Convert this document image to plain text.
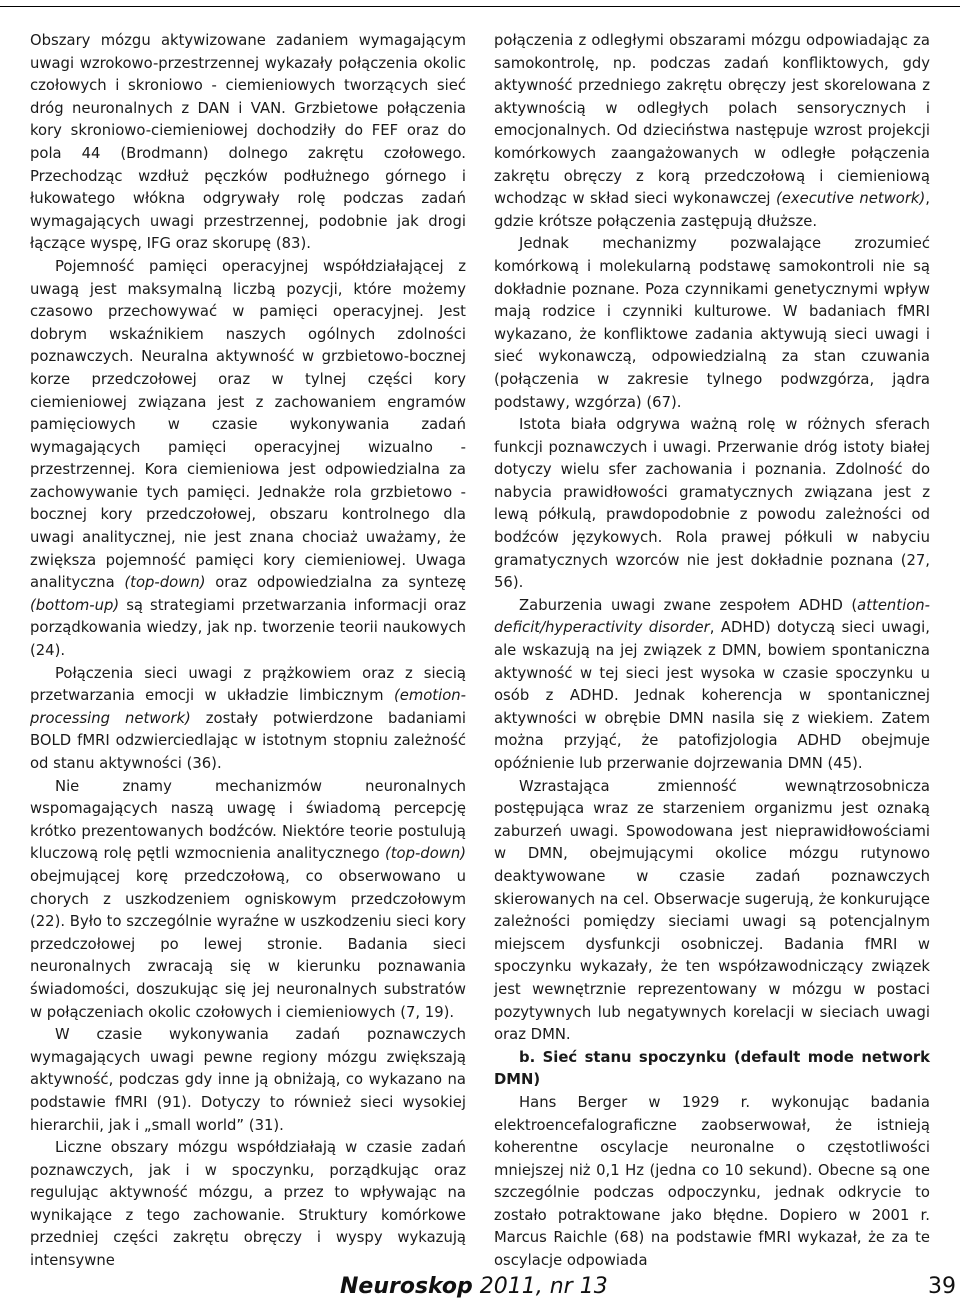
Obszary mózgu aktywizowane zadaniem wymagającym uwagi wzrokowo-przestrzennej wykazały połączenia okolic czołowych i skroniowo - ciemieniowych tworzących sieć dróg neuronalnych z DAN i VAN. Grzbietowe połączenia kory skroniowo-ciemieniowej dochodziły do FEF oraz do pola 44 (Brodmann) dolnego zakrętu czołowego. Przechodząc wzdłuż pęczków podłużnego górnego i łukowatego włókna odgrywały rolę podczas zadań wymagających uwagi przestrzennej, podobnie jak drogi łączące wyspę, IFG oraz skorupę (83).

Pojemność pamięci operacyjnej współdziałającej z uwagą jest maksymalną liczbą pozycji, które możemy czasowo przechowywać w pamięci operacyjnej. Jest dobrym wskaźnikiem naszych ogólnych zdolności poznawczych. Neuralna aktywność w grzbietowo-bocznej korze przedczołowej oraz w tylnej części kory ciemieniowej związana jest z zachowaniem engramów pamięciowych w czasie wykonywania zadań wymagających pamięci operacyjnej wizualno - przestrzennej. Kora ciemieniowa jest odpowiedzialna za zachowywanie tych pamięci. Jednakże rola grzbietowo - bocznej kory przedczołowej, obszaru kontrolnego dla uwagi analitycznej, nie jest znana chociaż uważamy, że zwiększa pojemność pamięci kory ciemieniowej. Uwaga analityczna (top-down) oraz odpowiedzialna za syntezę (bottom-up) są strategiami przetwarzania informacji oraz porządkowania wiedzy, jak np. tworzenie teorii naukowych (24).

Połączenia sieci uwagi z prążkowiem oraz z siecią przetwarzania emocji w układzie limbicznym (emotion-processing network) zostały potwierdzone badaniami BOLD fMRI odzwierciedlając w istotnym stopniu zależność od stanu aktywności (36).

Nie znamy mechanizmów neuronalnych wspomagających naszą uwagę i świadomą percepcję krótko prezentowanych bodźców. Niektóre teorie postulują kluczową rolę pętli wzmocnienia analitycznego (top-down) obejmującej korę przedczołową, co obserwowano u chorych z uszkodzeniem ogniskowym przedczołowym (22). Było to szczególnie wyraźne w uszkodzeniu sieci kory przedczołowej po lewej stronie. Badania sieci neuronalnych zwracają się w kierunku poznawania świadomości, doszukując się jej neuronalnych substratów w połączeniach okolic czołowych i ciemieniowych (7, 19).

W czasie wykonywania zadań poznawczych wymagających uwagi pewne regiony mózgu zwiększają aktywność, podczas gdy inne ją obniżają, co wykazano na podstawie fMRI (91). Dotyczy to również sieci wysokiej hierarchii, jak i „small world” (31).

Liczne obszary mózgu współdziałają w czasie zadań poznawczych, jak i w spoczynku, porządkując oraz regulując aktywność mózgu, a przez to wpływając na wynikające z tego zachowanie. Struktury komórkowe przedniej części zakrętu obręczy i wyspy wykazują intensywne

połączenia z odległymi obszarami mózgu odpowiadając za samokontrolę, np. podczas zadań konfliktowych, gdy aktywność przedniego zakrętu obręczy jest skorelowana z aktywnością w odległych polach sensorycznych i emocjonalnych. Od dzieciństwa następuje wzrost projekcji komórkowych zaangażowanych w odległe połączenia zakrętu obręczy z korą przedczołową i ciemieniową wchodząc w skład sieci wykonawczej (executive network), gdzie krótsze połączenia zastępują dłuższe.

Jednak mechanizmy pozwalające zrozumieć komórkową i molekularną podstawę samokontroli nie są dokładnie poznane. Poza czynnikami genetycznymi wpływ mają rodzice i czynniki kulturowe. W badaniach fMRI wykazano, że konfliktowe zadania aktywują sieci uwagi i sieć wykonawczą, odpowiedzialną za stan czuwania (połączenia w zakresie tylnego podwzgórza, jądra podstawy, wzgórza) (67).

Istota biała odgrywa ważną rolę w różnych sferach funkcji poznawczych i uwagi. Przerwanie dróg istoty białej dotyczy wielu sfer zachowania i poznania. Zdolność do nabycia prawidłowości gramatycznych związana jest z lewą półkulą, prawdopodobnie z powodu zależności od bodźców językowych. Rola prawej półkuli w nabyciu gramatycznych wzorców nie jest dokładnie poznana (27, 56).

Zaburzenia uwagi zwane zespołem ADHD (attention-deficit/hyperactivity disorder, ADHD) dotyczą sieci uwagi, ale wskazują na jej związek z DMN, bowiem spontaniczna aktywność w tej sieci jest wysoka w czasie spoczynku u osób z ADHD. Jednak koherencja w spontanicznej aktywności w obrębie DMN nasila się z wiekiem. Zatem można przyjąć, że patofizjologia ADHD obejmuje opóźnienie lub przerwanie dojrzewania DMN (45).

Wzrastająca zmienność wewnątrzosobnicza postępująca wraz ze starzeniem organizmu jest oznaką zaburzeń uwagi. Spowodowana jest nieprawidłowościami w DMN, obejmującymi okolice mózgu rutynowo deaktywowane w czasie zadań poznawczych skierowanych na cel. Obserwacje sugerują, że konkurujące zależności pomiędzy sieciami uwagi są potencjalnym miejscem dysfunkcji osobniczej. Badania fMRI w spoczynku wykazały, że ten współzawodniczący związek jest wewnętrznie reprezentowany w mózgu w postaci pozytywnych lub negatywnych korelacji w sieciach uwagi oraz DMN.

b. Sieć stanu spoczynku (default mode network DMN)

Hans Berger w 1929 r. wykonując badania elektroencefalograficzne zaobserwował, że istnieją koherentne oscylacje neuronalne o częstotliwości mniejszej niż 0,1 Hz (jedna co 10 sekund). Obecne są one szczególnie podczas odpoczynku, jednak odkrycie to zostało potraktowane jako błędne. Dopiero w 2001 r. Marcus Raichle (68) na podstawie fMRI wykazał, że za te oscylacje odpowiada

Neuroskop 2011, nr 13	39
